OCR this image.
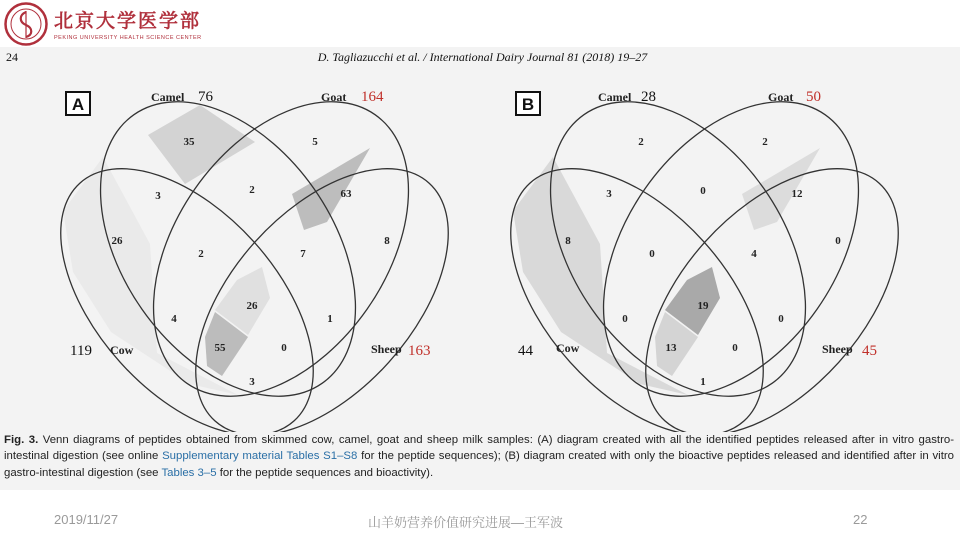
北京大学医学部
PEKING UNIVERSITY HEALTH SCIENCE CENTER
24	D. Tagliazucchi et al. / International Dairy Journal 81 (2018) 19–27
A	Camel 76	Goat 164
119 Cow	Sheep 163
35	5
26	8
3	2	63
2	7
4
26
1
55	0
3
B	Camel 28	Goat 50
44 Cow	Sheep 45
2	2
8	0
3	0	12
0	4
0
19
0
13	0
1
Fig. 3. Venn diagrams of peptides obtained from skimmed cow, camel, goat and sheep milk samples: (A) diagram created with all the identified peptides released after in vitro gastro-intestinal digestion (see online Supplementary material Tables S1–S8 for the peptide sequences); (B) diagram created with only the bioactive peptides released and identified after in vitro gastro-intestinal digestion (see Tables 3–5 for the peptide sequences and bioactivity).
2019/11/27	山羊奶营养价值研究进展—王军波	22
